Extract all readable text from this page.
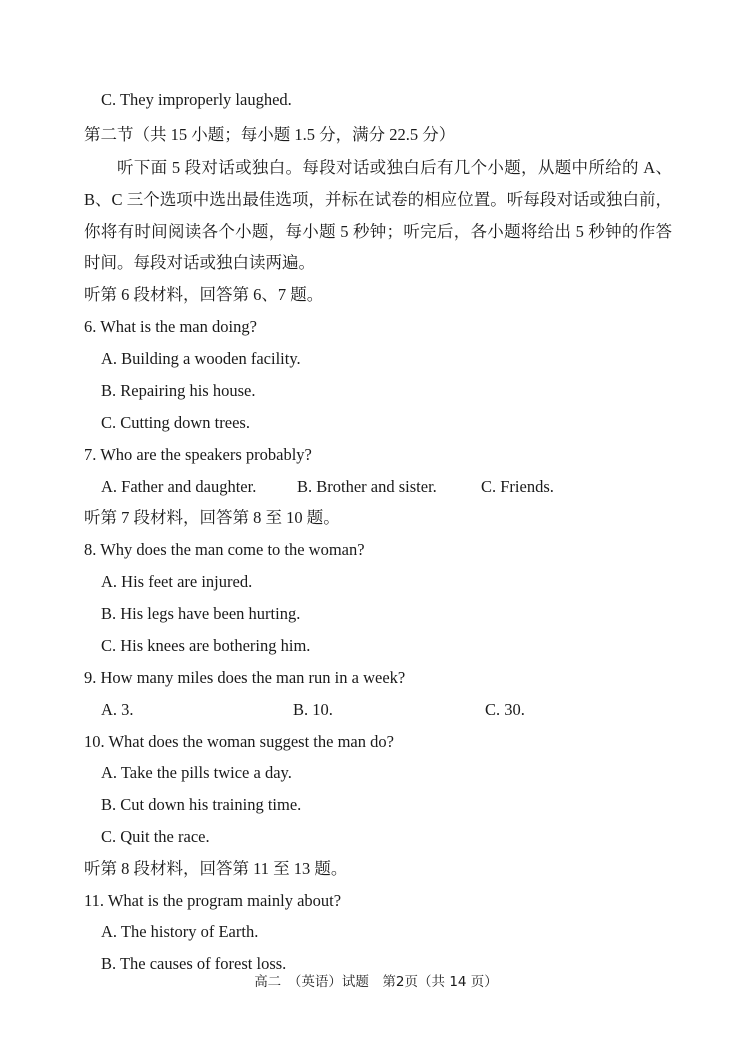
C. They improperly laughed.
第二节（共 15 小题；每小题 1.5 分，满分 22.5 分）
听下面 5 段对话或独白。每段对话或独白后有几个小题，从题中所给的 A、B、C 三个选项中选出最佳选项，并标在试卷的相应位置。听每段对话或独白前，你将有时间阅读各个小题，每小题 5 秒钟；听完后，各小题将给出 5 秒钟的作答时间。每段对话或独白读两遍。
听第 6 段材料，回答第 6、7 题。
6. What is the man doing?
A. Building a wooden facility.
B. Repairing his house.
C. Cutting down trees.
7. Who are the speakers probably?
A. Father and daughter. B. Brother and sister.	C. Friends.
听第 7 段材料，回答第 8 至 10 题。
8. Why does the man come to the woman?
A. His feet are injured.
B. His legs have been hurting.
C. His knees are bothering him.
9. How many miles does the man run in a week?
A. 3.	B. 10.	C. 30.
10. What does the woman suggest the man do?
A. Take the pills twice a day.
B. Cut down his training time.
C. Quit the race.
听第 8 段材料，回答第 11 至 13 题。
11. What is the program mainly about?
A. The history of Earth.
B. The causes of forest loss.
高二　（英语）试题　第2页（共 14 页）
